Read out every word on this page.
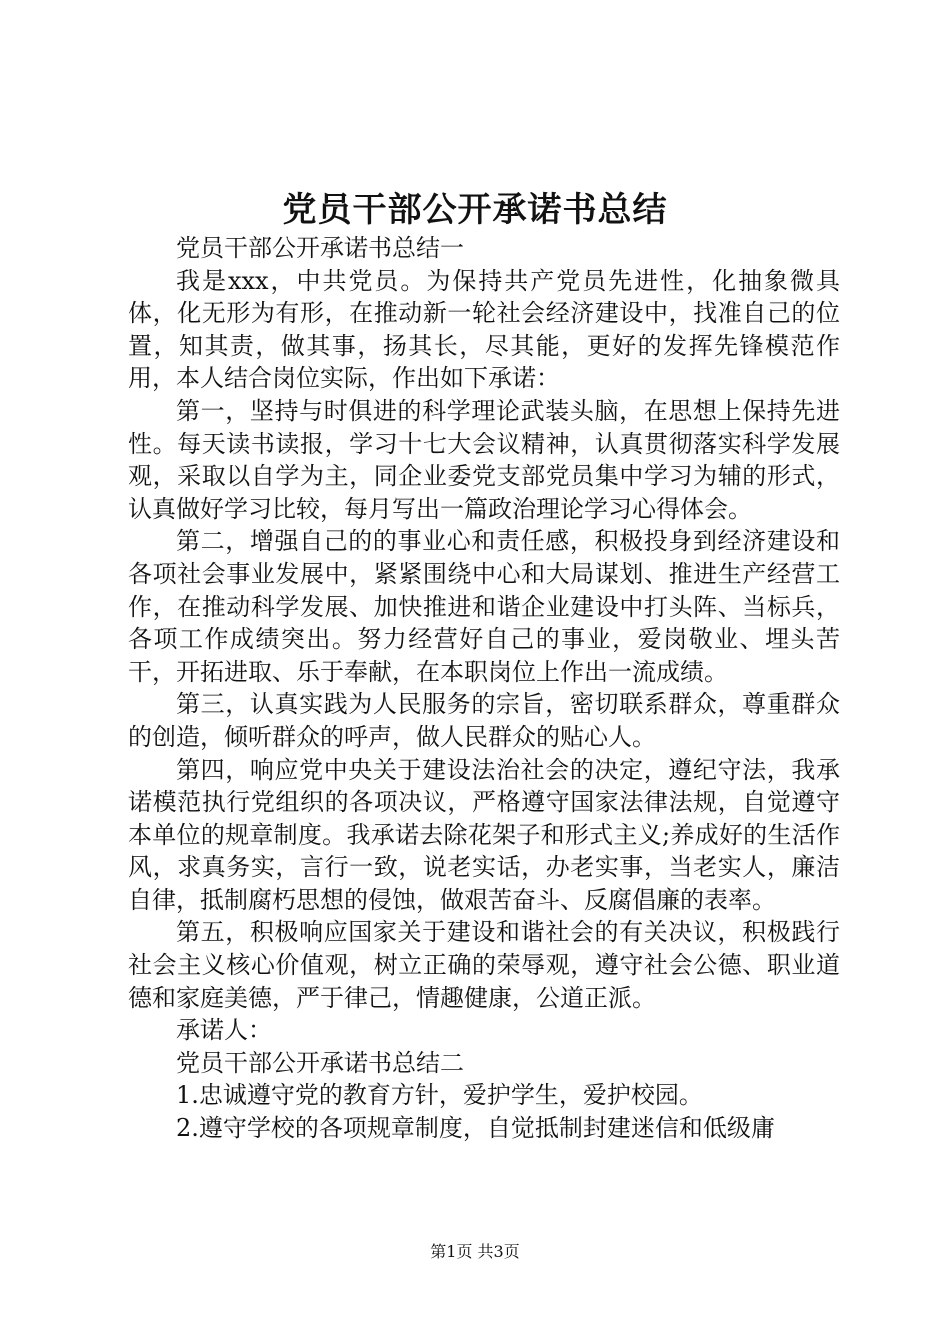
党员干部公开承诺书总结

党员干部公开承诺书总结一

我是xxx，中共党员。为保持共产党员先进性，化抽象微具体，化无形为有形，在推动新一轮社会经济建设中，找准自己的位置，知其责，做其事，扬其长，尽其能，更好的发挥先锋模范作用，本人结合岗位实际，作出如下承诺：

第一，坚持与时俱进的科学理论武装头脑，在思想上保持先进性。每天读书读报，学习十七大会议精神，认真贯彻落实科学发展观，采取以自学为主，同企业委党支部党员集中学习为辅的形式，认真做好学习比较，每月写出一篇政治理论学习心得体会。

第二，增强自己的的事业心和责任感，积极投身到经济建设和各项社会事业发展中，紧紧围绕中心和大局谋划、推进生产经营工作，在推动科学发展、加快推进和谐企业建设中打头阵、当标兵，各项工作成绩突出。努力经营好自己的事业，爱岗敬业、埋头苦干，开拓进取、乐于奉献，在本职岗位上作出一流成绩。

第三，认真实践为人民服务的宗旨，密切联系群众，尊重群众的创造，倾听群众的呼声，做人民群众的贴心人。

第四，响应党中央关于建设法治社会的决定，遵纪守法，我承诺模范执行党组织的各项决议，严格遵守国家法律法规，自觉遵守本单位的规章制度。我承诺去除花架子和形式主义;养成好的生活作风，求真务实，言行一致，说老实话，办老实事，当老实人，廉洁自律，抵制腐朽思想的侵蚀，做艰苦奋斗、反腐倡廉的表率。

第五，积极响应国家关于建设和谐社会的有关决议，积极践行社会主义核心价值观，树立正确的荣辱观，遵守社会公德、职业道德和家庭美德，严于律己，情趣健康，公道正派。

承诺人：

党员干部公开承诺书总结二

1.忠诚遵守党的教育方针，爱护学生，爱护校园。

2.遵守学校的各项规章制度，自觉抵制封建迷信和低级庸

第1页 共3页
